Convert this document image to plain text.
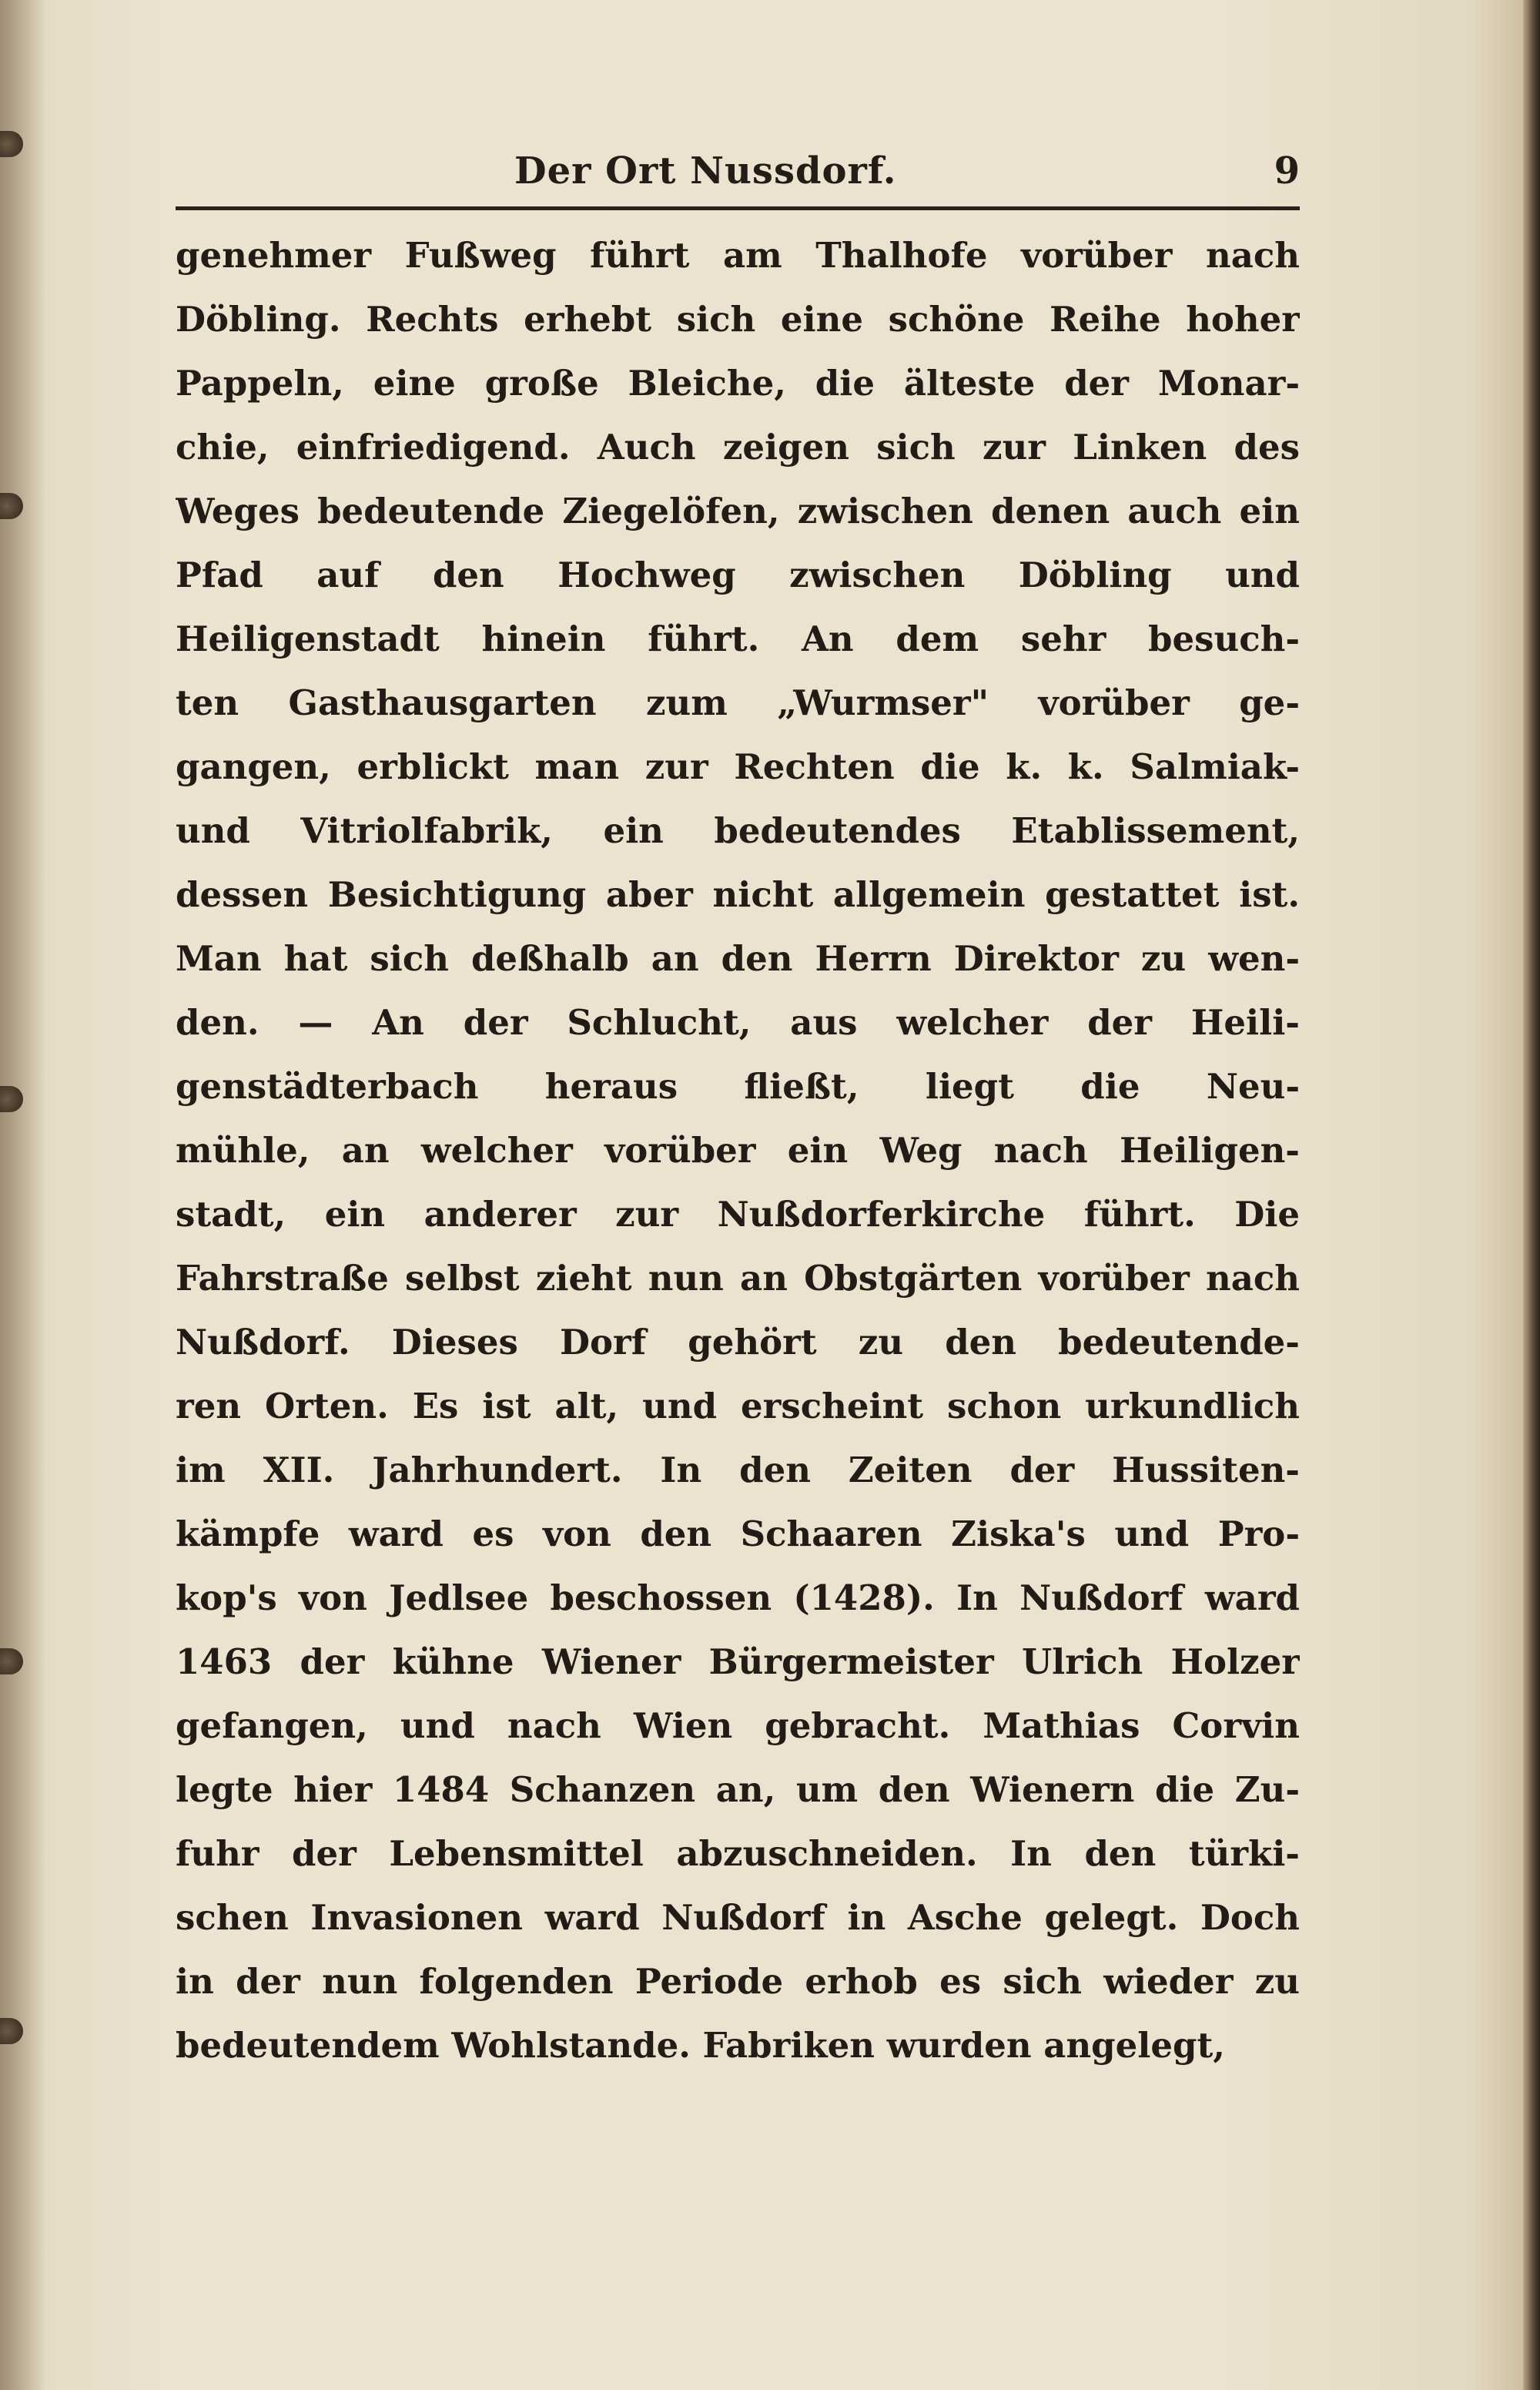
Der Ort Nussdorf.	9
genehmer Fußweg führt am Thalhofe vorüber nach
Döbling. Rechts erhebt sich eine schöne Reihe hoher
Pappeln, eine große Bleiche, die älteste der Monar-
chie, einfriedigend. Auch zeigen sich zur Linken des
Weges bedeutende Ziegelöfen, zwischen denen auch ein
Pfad auf den Hochweg zwischen Döbling und
Heiligenstadt hinein führt. An dem sehr besuch-
ten Gasthausgarten zum „Wurmser" vorüber ge-
gangen, erblickt man zur Rechten die k. k. Salmiak-
und Vitriolfabrik, ein bedeutendes Etablissement,
dessen Besichtigung aber nicht allgemein gestattet ist.
Man hat sich deßhalb an den Herrn Direktor zu wen-
den. — An der Schlucht, aus welcher der Heili-
genstädterbach heraus fließt, liegt die Neu-
mühle, an welcher vorüber ein Weg nach Heiligen-
stadt, ein anderer zur Nußdorferkirche führt. Die
Fahrstraße selbst zieht nun an Obstgärten vorüber nach
Nußdorf. Dieses Dorf gehört zu den bedeutende-
ren Orten. Es ist alt, und erscheint schon urkundlich
im XII. Jahrhundert. In den Zeiten der Hussiten-
kämpfe ward es von den Schaaren Ziska's und Pro-
kop's von Jedlsee beschossen (1428). In Nußdorf ward
1463 der kühne Wiener Bürgermeister Ulrich Holzer
gefangen, und nach Wien gebracht. Mathias Corvin
legte hier 1484 Schanzen an, um den Wienern die Zu-
fuhr der Lebensmittel abzuschneiden. In den türki-
schen Invasionen ward Nußdorf in Asche gelegt. Doch
in der nun folgenden Periode erhob es sich wieder zu
bedeutendem Wohlstande. Fabriken wurden angelegt,
